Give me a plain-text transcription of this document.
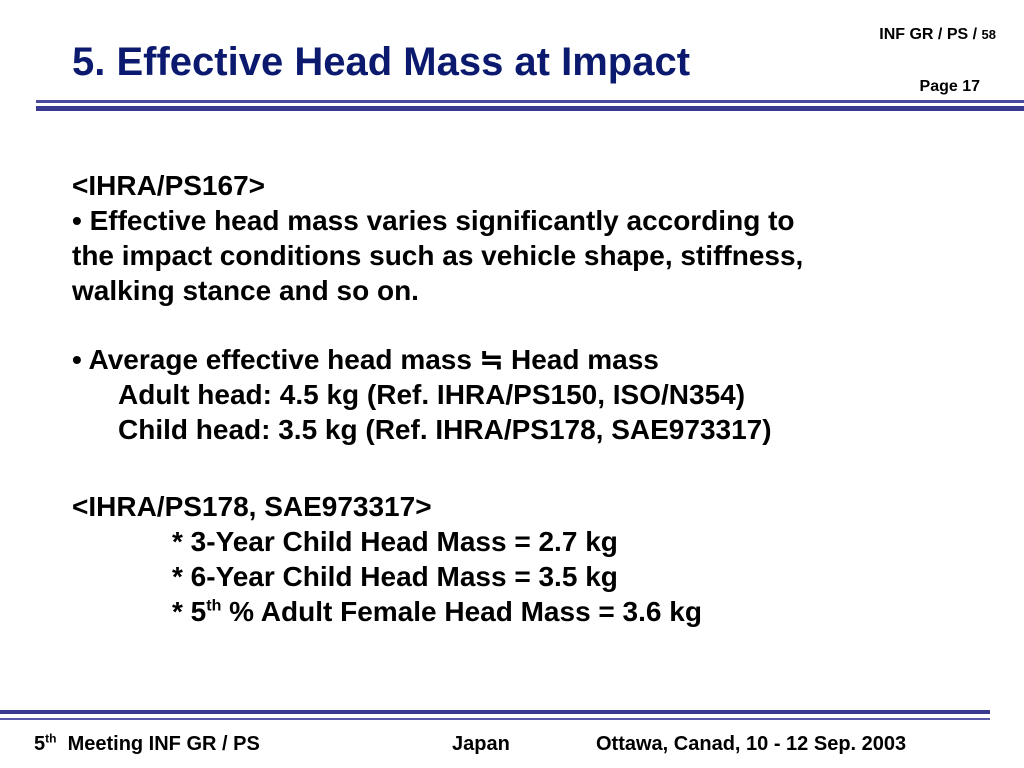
INF GR / PS / 58
5. Effective Head Mass at Impact
Page 17

<IHRA/PS167>

• Effective head mass varies significantly according to

the impact conditions such as vehicle shape, stiffness,

walking stance and so on.

• Average effective head mass ≒ Head mass

Adult head: 4.5 kg (Ref. IHRA/PS150, ISO/N354)

Child head: 3.5 kg (Ref. IHRA/PS178, SAE973317)

<IHRA/PS178, SAE973317>

* 3-Year Child Head Mass = 2.7 kg

* 6-Year Child Head Mass = 3.5 kg

* 5th % Adult Female Head Mass = 3.6 kg

5th  Meeting INF GR / PS	Japan	Ottawa, Canad, 10 - 12 Sep. 2003
